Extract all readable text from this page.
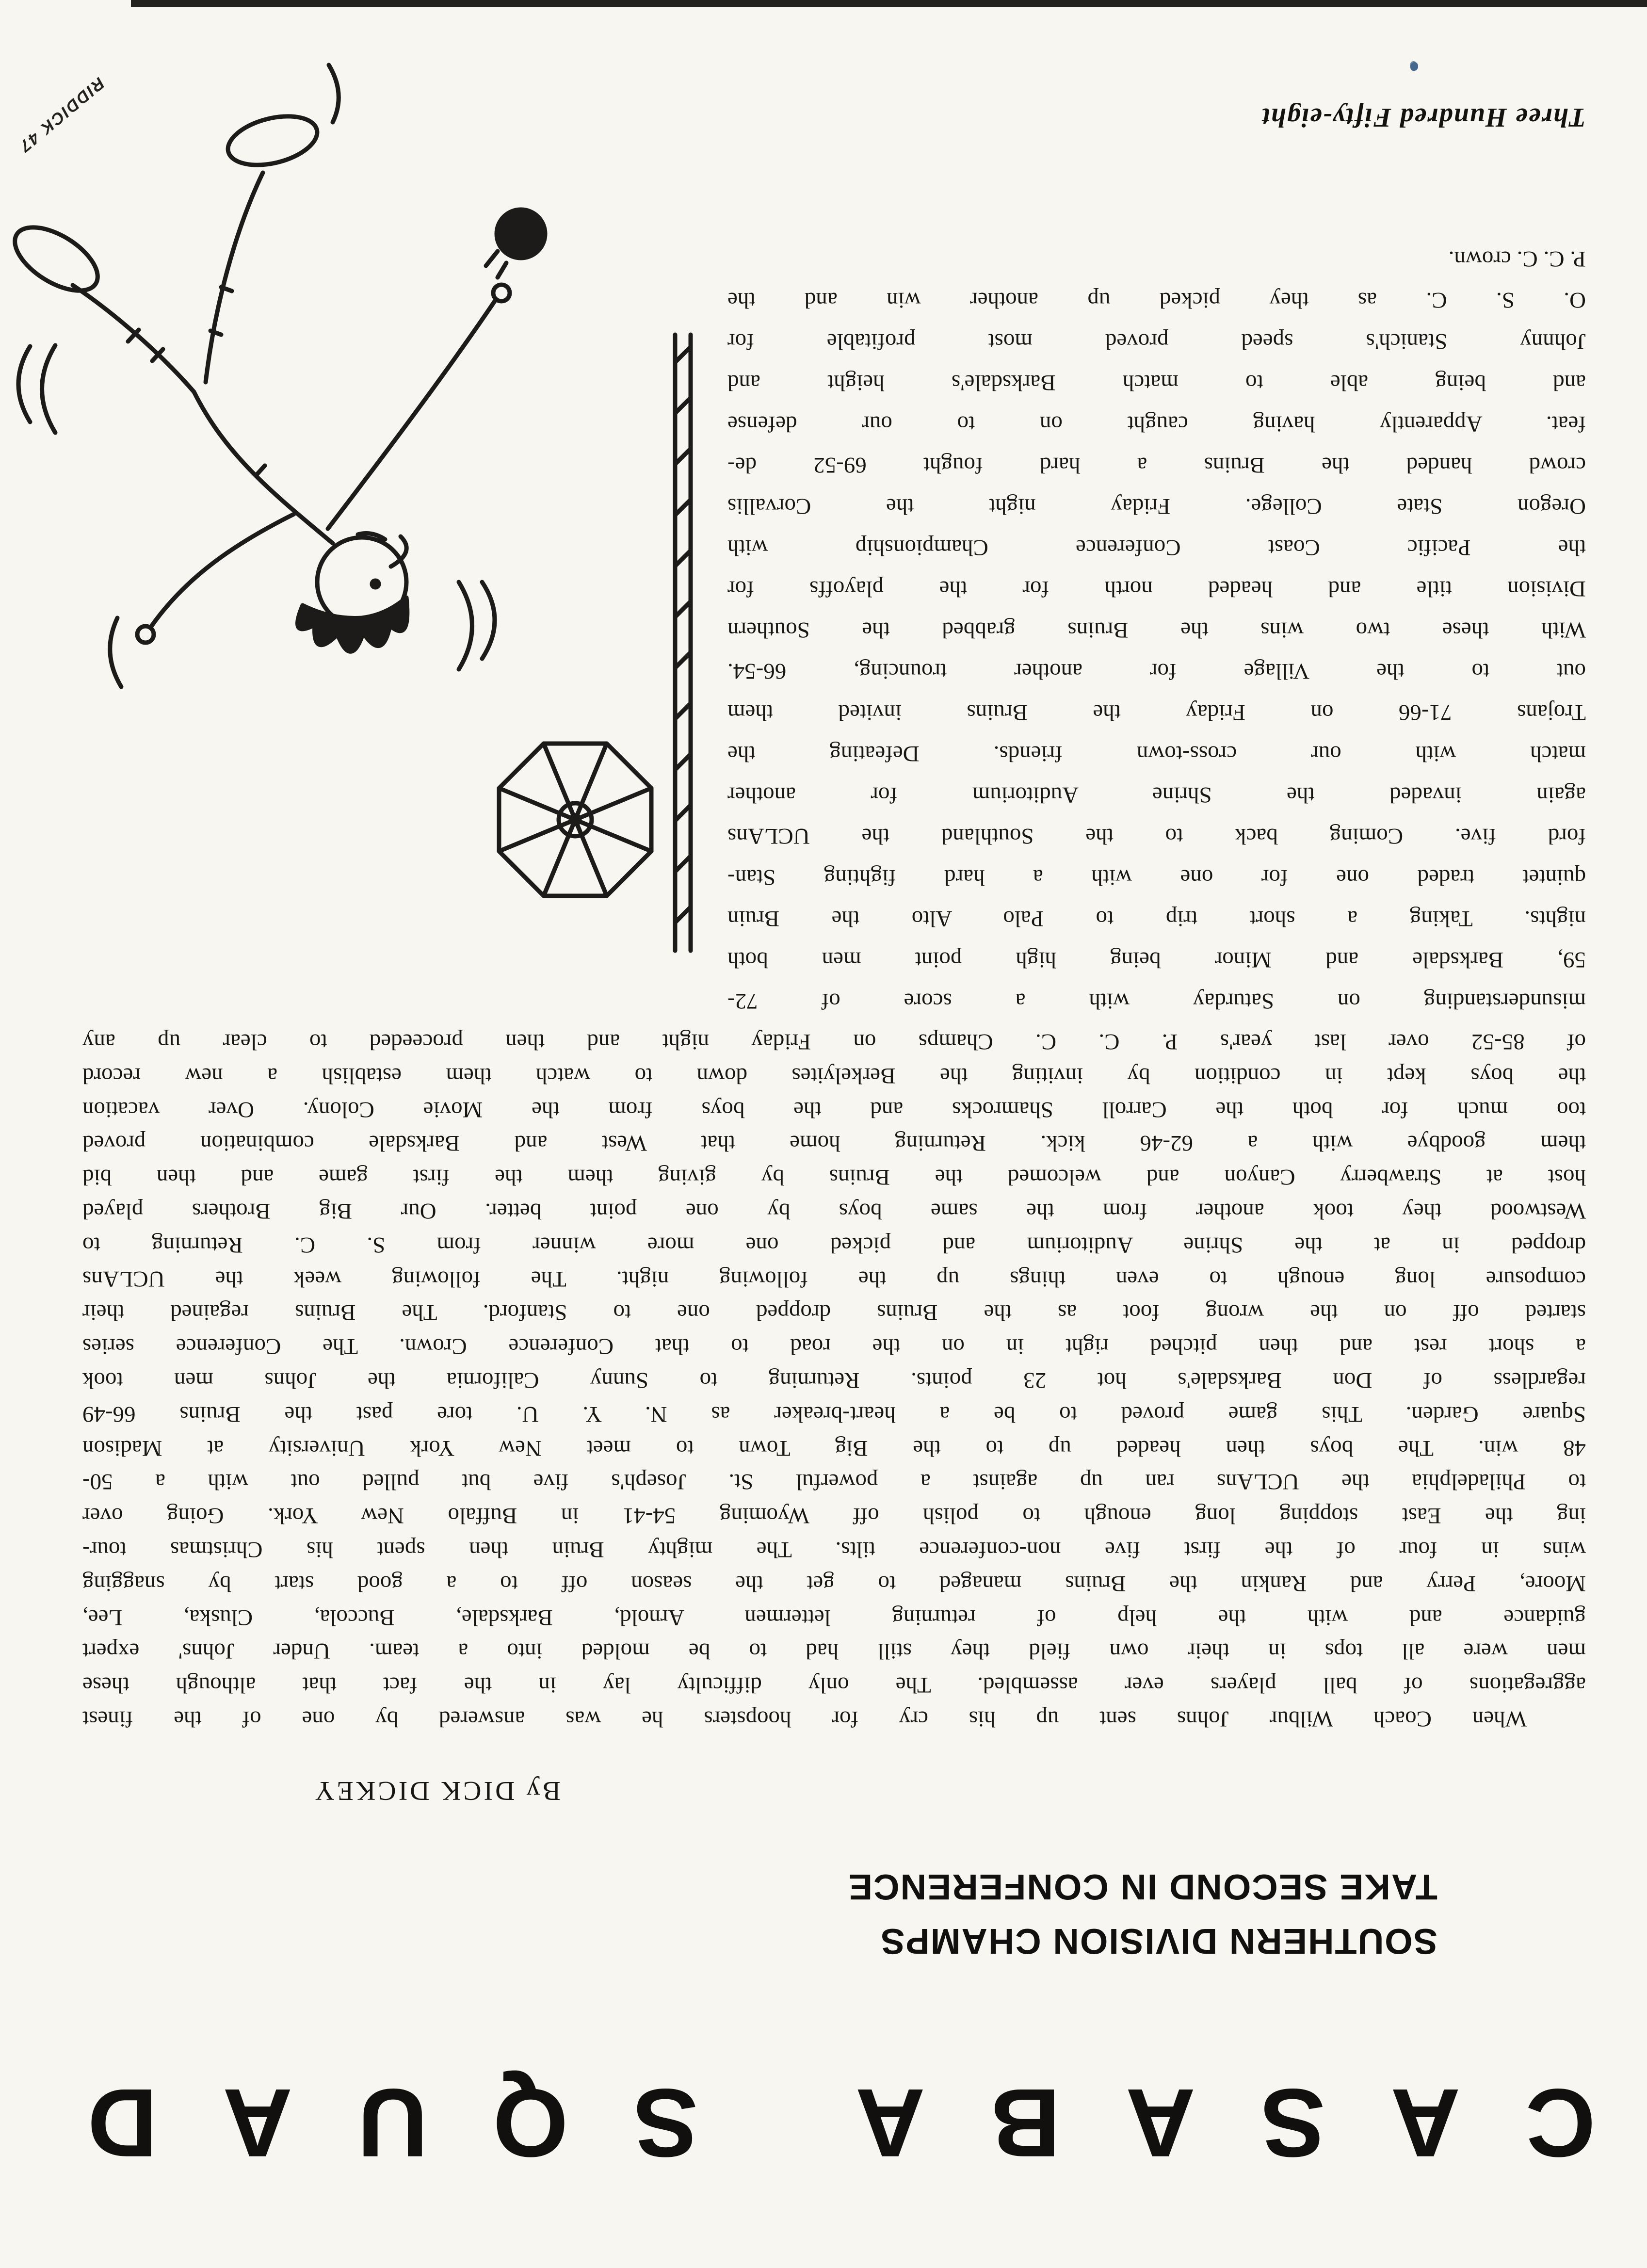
C
A
S
A
B
A

S
Q
U
A
D
SOUTHERN DIVISION CHAMPS
TAKE SECOND IN CONFERENCE
By DICK DICKEY
When Coach Wilbur Johns sent up his cry for hoopsters he was answered by one of the finest
aggregations of ball players ever assembled. The only difficulty lay in the fact that although these
men were all tops in their own field they still had to be molded into a team. Under Johns' expert
guidance and with the help of returning lettermen Arnold, Barksdale, Buccola, Cluska, Lee,
Moore, Perry and Rankin the Bruins managed to get the season off to a good start by snagging
wins in four of the first five non-conference tilts. The mighty Bruin then spent his Christmas tour-
ing the East stopping long enough to polish off Wyoming 54-41 in Buffalo New York. Going over
to Philadelphia the UCLAns ran up against a powerful St. Joseph's five but pulled out with a 50-
48 win. The boys then headed up to the Big Town to meet New York University at Madison
Square Garden. This game proved to be a heart-breaker as N. Y. U. tore past the Bruins 66-49
regardless of Don Barksdale's hot 23 points. Returning to Sunny California the Johns men took
a short rest and then pitched right in on the road to that Conference Crown. The Conference series
started off on the wrong foot as the Bruins dropped one to Stanford. The Bruins regained their
composure long enough to even things up the following night. The following week the UCLAns
dropped in at the Shrine Auditorium and picked one more winner from S. C. Returning to
Westwood they took another from the same boys by one point better. Our Big Brothers played
host at Strawberry Canyon and welcomed the Bruins by giving them the first game and then bid
them goodbye with a 62-46 kick. Returning home that West and Barksdale combination proved
too much for both the Carroll Shamrocks and the boys from the Movie Colony. Over vacation
the boys kept in condition by inviting the Berkelyites down to watch them establish a new record
of 85-52 over last year's P. C. C. Champs on Friday night and then proceeded to clear up any
misunderstanding on Saturday with a score of 72-
59, Barksdale and Minor being high point men both
nights. Taking a short trip to Palo Alto the Bruin
quintet traded one for one with a hard fighting Stan-
ford five. Coming back to the Southland the UCLAns
again invaded the Shrine Auditorium for another
match with our cross-town friends. Defeating the
Trojans 71-66 on Friday the Bruins invited them
out to the Village for another trouncing, 66-54.
With these two wins the Bruins grabbed the Southern
Division title and headed north for the playoffs for
the Pacific Coast Conference Championship with
Oregon State College. Friday night the Corvallis
crowd handed the Bruins a hard fought 69-52 de-
feat. Apparently having caught on to our defense
and being able to match Barksdale's height and
Johnny Stanich's speed proved most profitable for
O. S. C. as they picked up another win and the
P. C. C. crown.
RIDDICK 47	Three Hundred Fifty-eight
